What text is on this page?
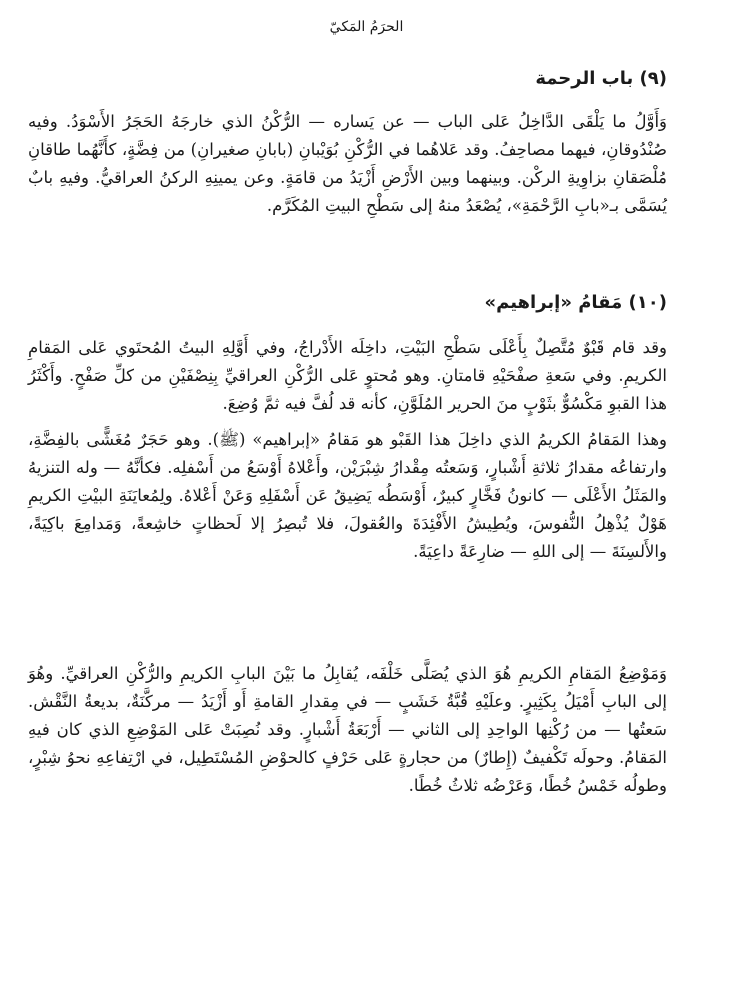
الحرَمُ المَكيّ
(٩) باب الرحمة

وَأَوَّلُ ما يَلْقَى الدَّاخِلُ عَلى الباب — عن يَساره — الرُّكْنُ الذي خارجَهُ الحَجَرُ الأَسْوَدُ. وفيه صُنْدُوقانِ، فيهما مصاحِفُ. وقد عَلاهُما في الرُّكْنِ بُوَيْبانِ (بابانِ صغيرانِ) من فِضَّةٍ، كأَنَّهُما طاقانِ مُلْصَقانِ بزاوِيةِ الركْن. وبينهما وبين الأَرْضِ أَزْيَدُ من قامَةٍ. وعن يمينِهِ الركنُ العراقيُّ. وفيهِ بابٌ يُسَمَّى بـ«بابِ الرَّحْمَةِ»، يُصْعَدُ منهُ إلى سَطْحِ البيتِ المُكَرَّم.

(١٠) مَقامُ «إبراهيم»

وقد قام قَبْوٌ مُتَّصِلٌ بِأَعْلَى سَطْحِ البَيْتِ، داخِلَه الأَدْراجُ، وفي أَوَّلِهِ البيتُ المُحتَوي عَلى المَقامِ الكريمِ. وفي سَعةِ صفْحَيْهِ قامتانِ. وهو مُحتوٍ عَلى الرُّكْنِ العراقيِّ بِنِصْفَيْنِ من كلِّ صَفْحٍ. وأَكْثَرُ هذا القبوِ مَكْسُوٌّ بثَوْبٍ منَ الحرير المُلَوَّنِ، كأنه قد لُفَّ فيه ثمَّ وُضِعَ.

وهذا المَقامُ الكريمُ الذي داخِلَ هذا القَبْو هو مَقامُ «إبراهيم» (ﷺ). وهو حَجَرٌ مُغَشًّى بالفِضَّةِ، وارتفاعُه مقدارُ ثلاثةِ أَشْبارٍ، وَسَعتُه مِقْدارُ شِبْرَيْن، وأَعْلاهُ أَوْسَعُ من أَسْفلِه. فكأنَّهُ — وله التنزيهُ والمَثَلُ الأَعْلَى — كانونُ فَخَّارٍ كبيرٌ، أَوْسَطُه يَضِيقُ عَن أَسْفَلِهِ وَعَنْ أَعْلاهُ. ولِمُعايَنَةِ البيْتِ الكريمِ هَوْلٌ يُذْهِلُ النُّفوسَ، ويُطِيشُ الأَفْئِدَةَ والعُقولَ، فلا تُبصِرُ إلا لَحظاتٍ خاشِعةً، وَمَدامِعَ باكِيَةً، والأَلسِنَةَ — إلى اللهِ — ضارِعَةً داعِيَةً.

وَمَوْضِعُ المَقامِ الكريمِ هُوَ الذي يُصَلَّى خَلْفَه، يُقابِلُ ما بَيْنَ البابِ الكريمِ والرُّكْنِ العراقيِّ. وهُوَ إلى البابِ أَمْيَلُ بِكَثِيرٍ. وعلَيْهِ قُبَّةُ خَشَبٍ — في مِقدارِ القامةِ أَو أَزْيَدُ — مركَّنَةٌ، بديعةُ النَّقْش. سَعتُها — من رُكْنِها الواحِدِ إلى الثاني — أَرْبَعَةُ أَشْبارٍ. وقد نُصِبَتْ عَلى المَوْضِعِ الذي كان فيهِ المَقامُ. وحولَه تَكْفيفٌ (إِطارٌ) من حجارةٍ عَلى حَرْفٍ كالحوْضِ المُسْتَطِيل، في ارْتِفاعِهِ نحوُ شِبْرٍ، وطولُه خَمْسُ خُطًا، وَعَرْضُه ثلاثُ خُطًا.
